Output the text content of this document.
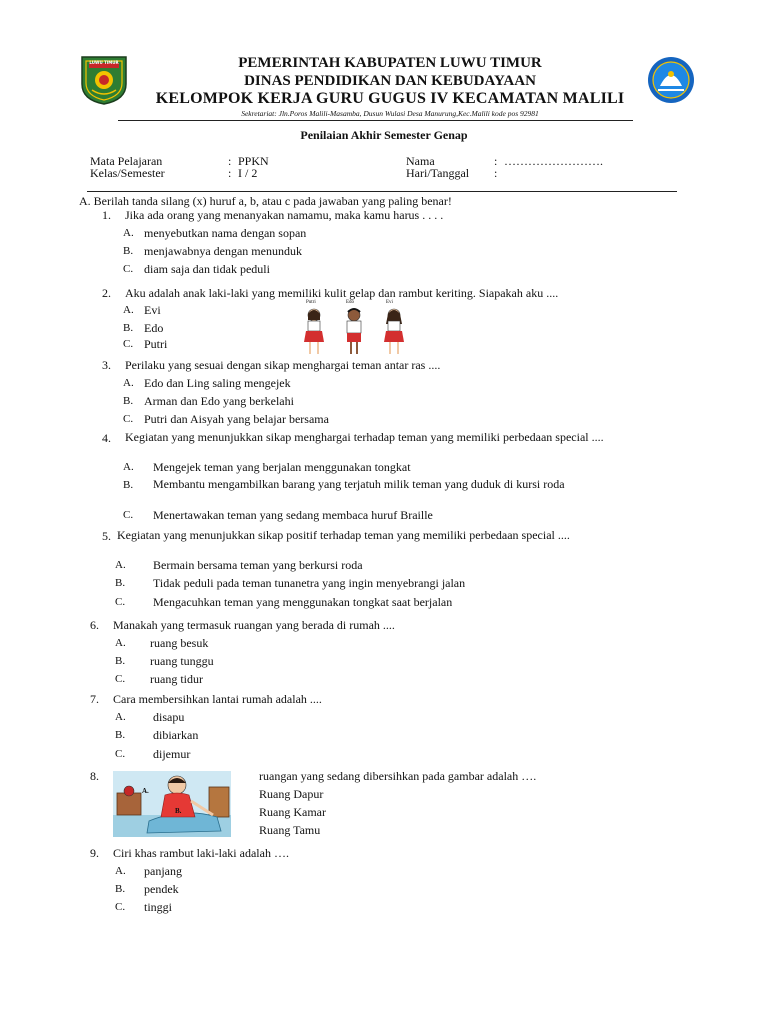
PEMERINTAH KABUPATEN LUWU TIMUR
DINAS PENDIDIKAN DAN KEBUDAYAAN
KELOMPOK KERJA GURU GUGUS IV KECAMATAN MALILI
Sekretariat: Jln.Poros Malili-Masamba, Dusun Wulasi Desa Manurung,Kec.Malili kode pos 92981
Penilaian Akhir Semester Genap
Mata Pelajaran	: PPKN
Kelas/Semester	: I / 2
Nama	: …………………….
Hari/Tanggal :
A. Berilah tanda silang (x) huruf a, b, atau c pada jawaban yang paling benar!
1. Jika ada orang yang menanyakan namamu, maka kamu harus . . . .
A. menyebutkan nama dengan sopan
B. menjawabnya dengan menunduk
C. diam saja dan tidak peduli
2. Aku adalah anak laki-laki yang memiliki kulit gelap dan rambut keriting. Siapakah aku ....
A. Evi
B. Edo
C. Putri
Putri	Edo	Evi
3. Perilaku yang sesuai dengan sikap menghargai teman antar ras ....
A. Edo dan Ling saling mengejek
B. Arman dan Edo yang berkelahi
C. Putri dan Aisyah yang belajar bersama
4. Kegiatan yang menunjukkan sikap menghargai terhadap teman yang memiliki perbedaan special ....
A. Mengejek teman yang berjalan menggunakan tongkat
B. Membantu mengambilkan barang yang terjatuh milik teman yang duduk di kursi roda
C. Menertawakan teman yang sedang membaca huruf Braille
5. Kegiatan yang menunjukkan sikap positif terhadap teman yang memiliki perbedaan special ....
A. Bermain bersama teman yang berkursi roda
B. Tidak peduli pada teman tunanetra yang ingin menyebrangi jalan
C. Mengacuhkan teman yang menggunakan tongkat saat berjalan
6. Manakah yang termasuk ruangan yang berada di rumah ....
A. ruang besuk
B. ruang tunggu
C. ruang tidur
7. Cara membersihkan lantai rumah adalah ....
A. disapu
B. dibiarkan
C. dijemur
8.
A.
B.
ruangan yang sedang dibersihkan pada gambar adalah ….
Ruang Dapur
Ruang Kamar
Ruang Tamu
9. Ciri khas rambut laki-laki adalah ….
A. panjang
B. pendek
C. tinggi
LUWU TIMUR
